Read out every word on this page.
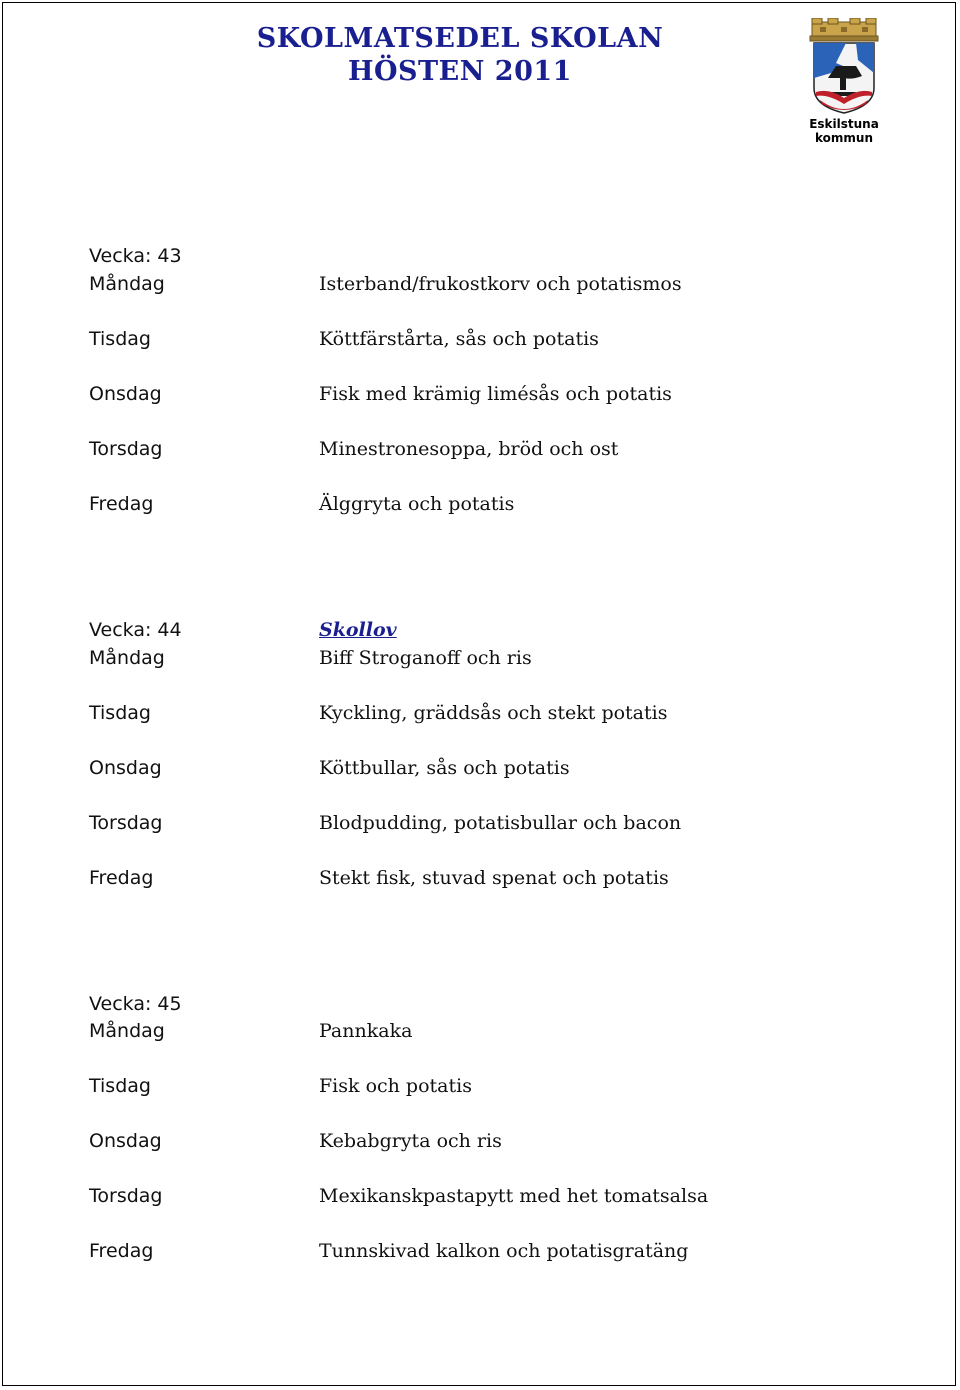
SKOLMATSEDEL SKOLAN
HÖSTEN 2011
Eskilstuna
kommun
Vecka: 43
Måndag	Isterband/frukostkorv och potatismos
Tisdag	Köttfärstårta, sås och potatis
Onsdag	Fisk med krämig limésås och potatis
Torsdag	Minestronesoppa, bröd och ost
Fredag	Älggryta och potatis
Vecka: 44	Skollov
Måndag	Biff Stroganoff och ris
Tisdag	Kyckling, gräddsås och stekt potatis
Onsdag	Köttbullar, sås och potatis
Torsdag	Blodpudding, potatisbullar och bacon
Fredag	Stekt fisk, stuvad spenat och potatis
Vecka: 45
Måndag	Pannkaka
Tisdag	Fisk och potatis
Onsdag	Kebabgryta och ris
Torsdag	Mexikanskpastapytt med het tomatsalsa
Fredag	Tunnskivad kalkon och potatisgratäng
